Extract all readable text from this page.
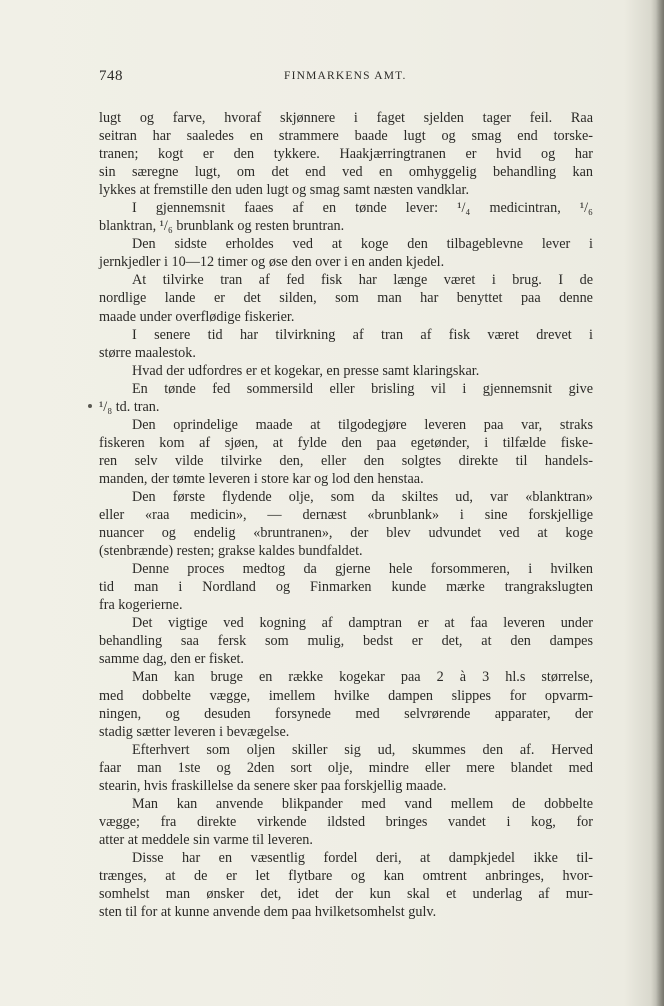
748	FINMARKENS AMT.
lugt og farve, hvoraf skjønnere i faget sjelden tager feil. Raa
seitran har saaledes en strammere baade lugt og smag end torske-
tranen; kogt er den tykkere. Haakjærringtranen er hvid og har
sin særegne lugt, om det end ved en omhyggelig behandling kan
lykkes at fremstille den uden lugt og smag samt næsten vandklar.
I gjennemsnit faaes af en tønde lever: ¹/₄ medicintran, ¹/₆
blanktran, ¹/₆ brunblank og resten bruntran.
Den sidste erholdes ved at koge den tilbageblevne lever i
jernkjedler i 10—12 timer og øse den over i en anden kjedel.
At tilvirke tran af fed fisk har længe været i brug. I de
nordlige lande er det silden, som man har benyttet paa denne
maade under overflødige fiskerier.
I senere tid har tilvirkning af tran af fisk været drevet i
større maalestok.
Hvad der udfordres er et kogekar, en presse samt klaringskar.
En tønde fed sommersild eller brisling vil i gjennemsnit give
¹/₈ td. tran.
Den oprindelige maade at tilgodegjøre leveren paa var, straks
fiskeren kom af sjøen, at fylde den paa egetønder, i tilfælde fiske-
ren selv vilde tilvirke den, eller den solgtes direkte til handels-
manden, der tømte leveren i store kar og lod den henstaa.
Den første flydende olje, som da skiltes ud, var «blanktran»
eller «raa medicin», — dernæst «brunblank» i sine forskjellige
nuancer og endelig «bruntranen», der blev udvundet ved at koge
(stenbrænde) resten; grakse kaldes bundfaldet.
Denne proces medtog da gjerne hele forsommeren, i hvilken
tid man i Nordland og Finmarken kunde mærke trangrakslugten
fra kogerierne.
Det vigtige ved kogning af damptran er at faa leveren under
behandling saa fersk som mulig, bedst er det, at den dampes
samme dag, den er fisket.
Man kan bruge en række kogekar paa 2 à 3 hl.s størrelse,
med dobbelte vægge, imellem hvilke dampen slippes for opvarm-
ningen, og desuden forsynede med selvrørende apparater, der
stadig sætter leveren i bevægelse.
Efterhvert som oljen skiller sig ud, skummes den af. Herved
faar man 1ste og 2den sort olje, mindre eller mere blandet med
stearin, hvis fraskillelse da senere sker paa forskjellig maade.
Man kan anvende blikpander med vand mellem de dobbelte
vægge; fra direkte virkende ildsted bringes vandet i kog, for
atter at meddele sin varme til leveren.
Disse har en væsentlig fordel deri, at dampkjedel ikke til-
trænges, at de er let flytbare og kan omtrent anbringes, hvor-
somhelst man ønsker det, idet der kun skal et underlag af mur-
sten til for at kunne anvende dem paa hvilketsomhelst gulv.
